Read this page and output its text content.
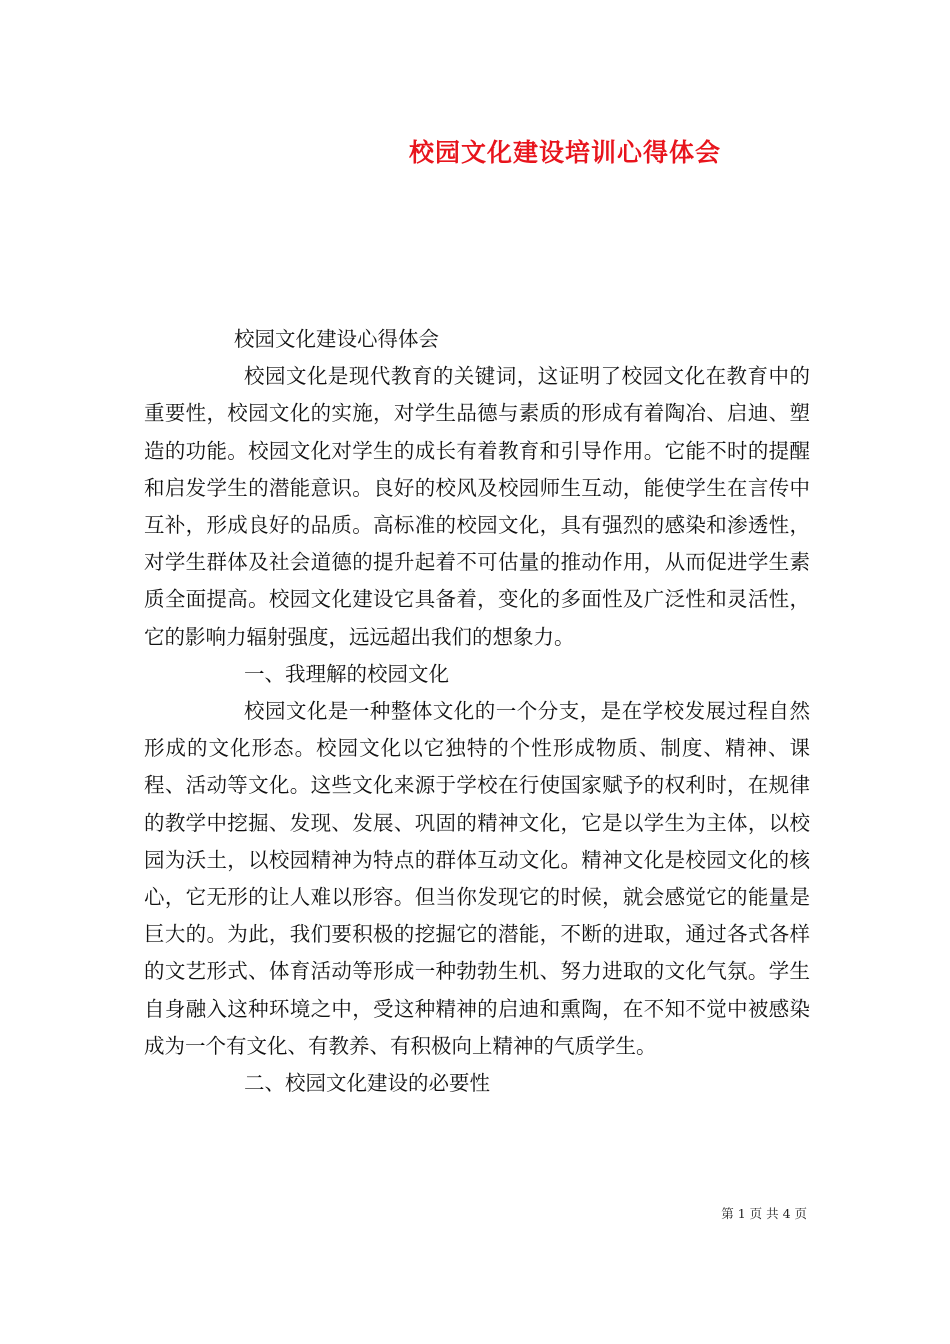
校园文化建设培训心得体会

校园文化建设心得体会

校园文化是现代教育的关键词，这证明了校园文化在教育中的重要性，校园文化的实施，对学生品德与素质的形成有着陶冶、启迪、塑造的功能。校园文化对学生的成长有着教育和引导作用。它能不时的提醒和启发学生的潜能意识。良好的校风及校园师生互动，能使学生在言传中互补，形成良好的品质。高标准的校园文化，具有强烈的感染和渗透性，对学生群体及社会道德的提升起着不可估量的推动作用，从而促进学生素质全面提高。校园文化建设它具备着，变化的多面性及广泛性和灵活性，它的影响力辐射强度，远远超出我们的想象力。

一、我理解的校园文化

校园文化是一种整体文化的一个分支，是在学校发展过程自然形成的文化形态。校园文化以它独特的个性形成物质、制度、精神、课程、活动等文化。这些文化来源于学校在行使国家赋予的权利时，在规律的教学中挖掘、发现、发展、巩固的精神文化，它是以学生为主体，以校园为沃土，以校园精神为特点的群体互动文化。精神文化是校园文化的核心，它无形的让人难以形容。但当你发现它的时候，就会感觉它的能量是巨大的。为此，我们要积极的挖掘它的潜能，不断的进取，通过各式各样的文艺形式、体育活动等形成一种勃勃生机、努力进取的文化气氛。学生自身融入这种环境之中，受这种精神的启迪和熏陶，在不知不觉中被感染成为一个有文化、有教养、有积极向上精神的气质学生。

二、校园文化建设的必要性

第 1 页 共 4 页
